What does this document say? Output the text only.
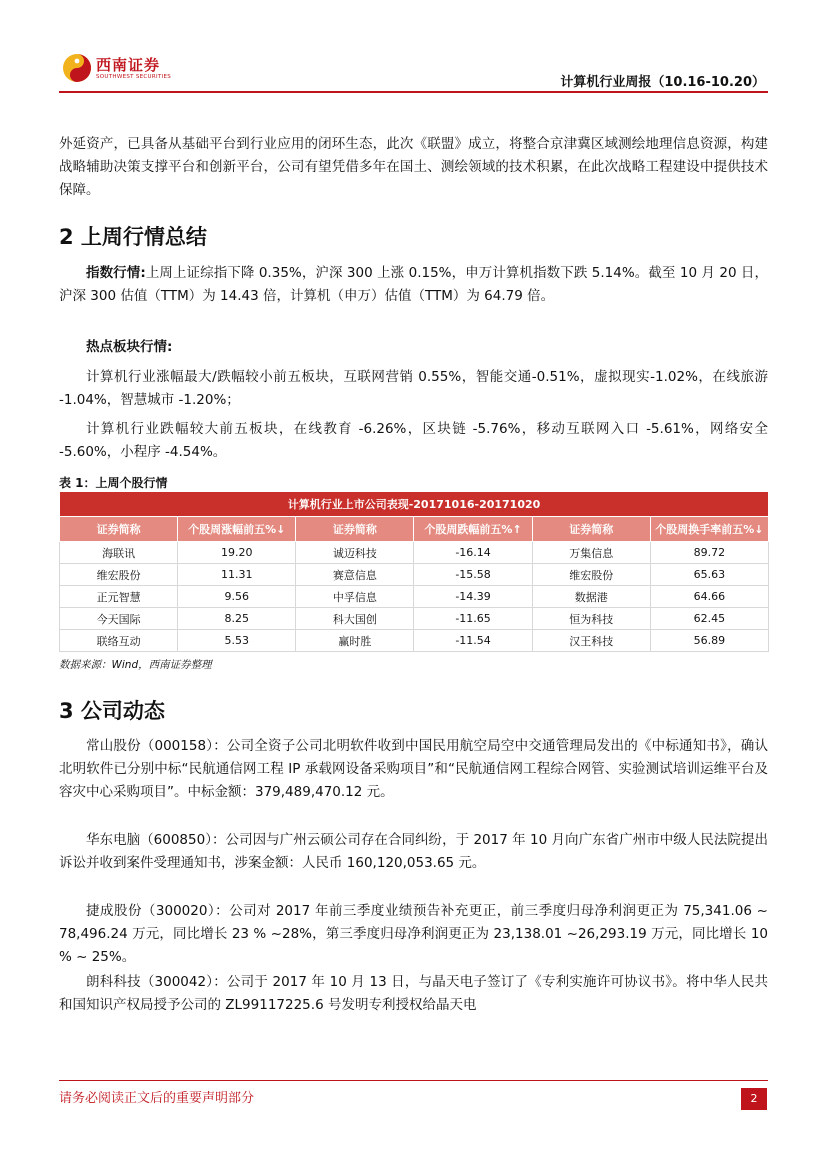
西南证券
SOUTHWEST SECURITIES	计算机行业周报（10.16-10.20）

外延资产，已具备从基础平台到行业应用的闭环生态，此次《联盟》成立，将整合京津冀区域测绘地理信息资源，构建战略辅助决策支撑平台和创新平台，公司有望凭借多年在国土、测绘领域的技术积累，在此次战略工程建设中提供技术保障。

2 上周行情总结

指数行情:上周上证综指下降 0.35%，沪深 300 上涨 0.15%，申万计算机指数下跌 5.14%。截至 10 月 20 日，沪深 300 估值（TTM）为 14.43 倍，计算机（申万）估值（TTM）为 64.79 倍。

热点板块行情:

计算机行业涨幅最大/跌幅较小前五板块，互联网营销 0.55%，智能交通-0.51%，虚拟现实-1.02%，在线旅游 -1.04%，智慧城市 -1.20%；

计算机行业跌幅较大前五板块，在线教育 -6.26%，区块链 -5.76%，移动互联网入口 -5.61%，网络安全 -5.60%，小程序 -4.54%。

表 1：上周个股行情
计算机行业上市公司表现-20171016-20171020					
证券简称	个股周涨幅前五%↓	证券简称	个股周跌幅前五%↑	证券简称	个股周换手率前五%↓
海联讯	19.20	诚迈科技	-16.14	万集信息	89.72
维宏股份	11.31	赛意信息	-15.58	维宏股份	65.63
正元智慧	9.56	中孚信息	-14.39	数据港	64.66
今天国际	8.25	科大国创	-11.65	恒为科技	62.45
联络互动	5.53	赢时胜	-11.54	汉王科技	56.89
数据来源：Wind，西南证券整理
3 公司动态

常山股份（000158）：公司全资子公司北明软件收到中国民用航空局空中交通管理局发出的《中标通知书》，确认北明软件已分别中标“民航通信网工程 IP 承载网设备采购项目”和“民航通信网工程综合网管、实验测试培训运维平台及容灾中心采购项目”。中标金额：379,489,470.12 元。

华东电脑（600850）：公司因与广州云硕公司存在合同纠纷，于 2017 年 10 月向广东省广州市中级人民法院提出诉讼并收到案件受理通知书，涉案金额：人民币 160,120,053.65 元。

捷成股份（300020）：公司对 2017 年前三季度业绩预告补充更正，前三季度归母净利润更正为 75,341.06 ~ 78,496.24 万元，同比增长 23 % ~28%，第三季度归母净利润更正为 23,138.01 ~26,293.19 万元，同比增长 10 % ~ 25%。

朗科科技（300042）：公司于 2017 年 10 月 13 日，与晶天电子签订了《专利实施许可协议书》。将中华人民共和国知识产权局授予公司的 ZL99117225.6 号发明专利授权给晶天电

请务必阅读正文后的重要声明部分	2
